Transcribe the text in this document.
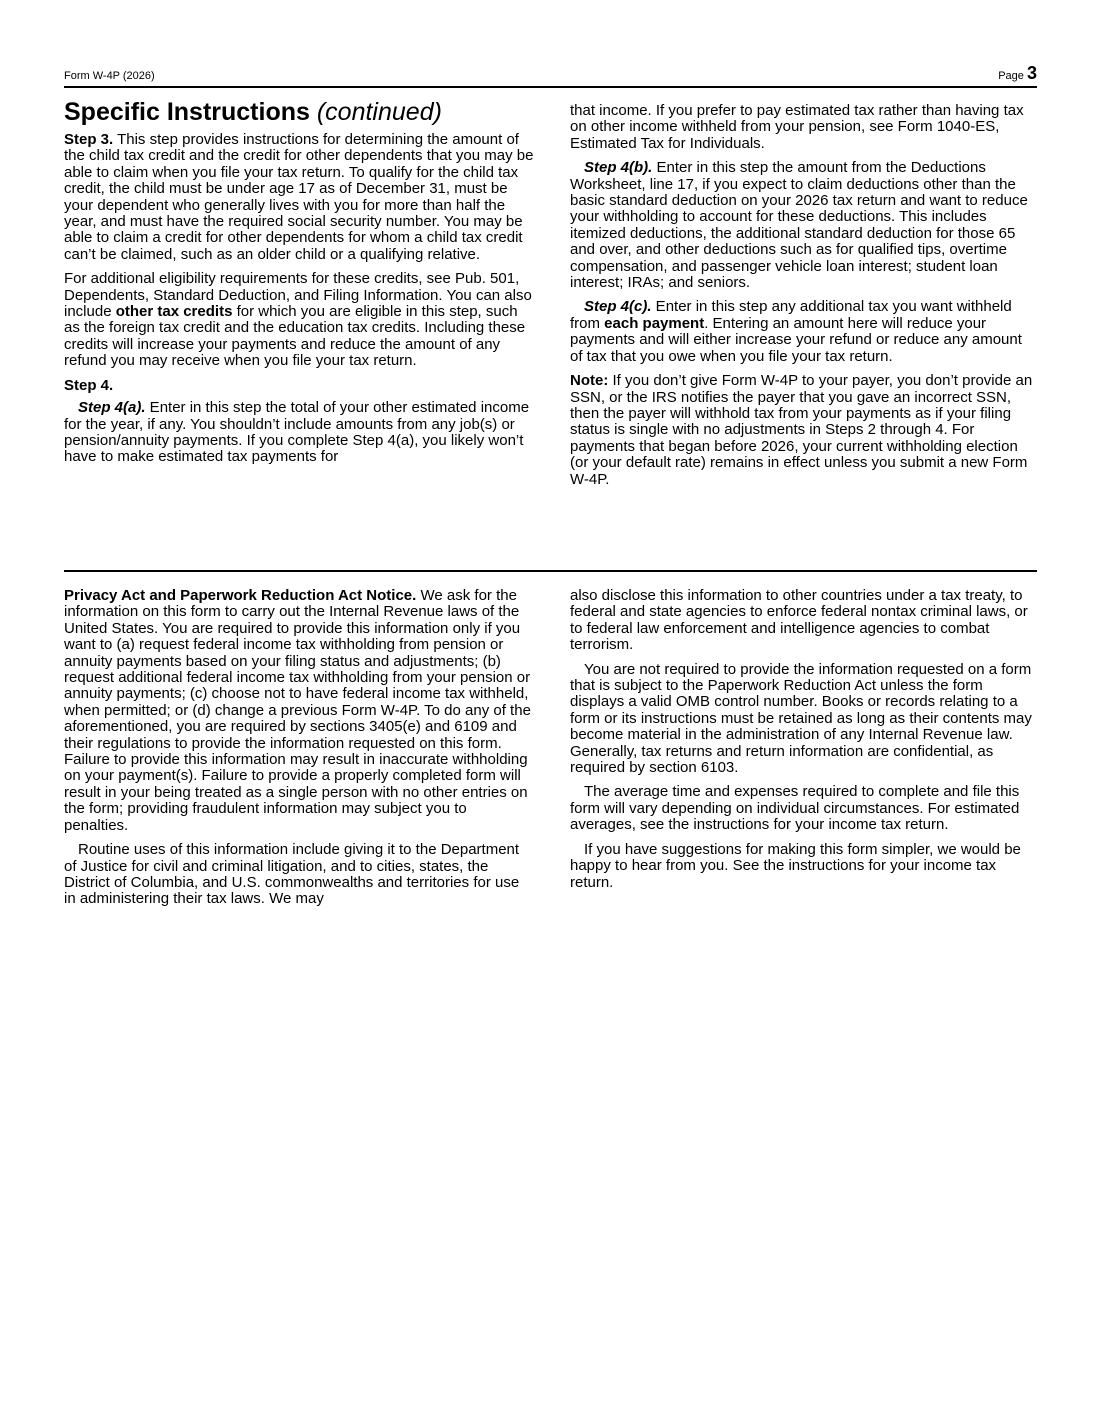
Form W-4P (2026)	Page 3
Specific Instructions (continued)

Step 3. This step provides instructions for determining the amount of the child tax credit and the credit for other dependents that you may be able to claim when you file your tax return. To qualify for the child tax credit, the child must be under age 17 as of December 31, must be your dependent who generally lives with you for more than half the year, and must have the required social security number. You may be able to claim a credit for other dependents for whom a child tax credit can’t be claimed, such as an older child or a qualifying relative.

For additional eligibility requirements for these credits, see Pub. 501, Dependents, Standard Deduction, and Filing Information. You can also include other tax credits for which you are eligible in this step, such as the foreign tax credit and the education tax credits. Including these credits will increase your payments and reduce the amount of any refund you may receive when you file your tax return.

Step 4.

Step 4(a). Enter in this step the total of your other estimated income for the year, if any. You shouldn’t include amounts from any job(s) or pension/annuity payments. If you complete Step 4(a), you likely won’t have to make estimated tax payments for

that income. If you prefer to pay estimated tax rather than having tax on other income withheld from your pension, see Form 1040-ES, Estimated Tax for Individuals.

Step 4(b). Enter in this step the amount from the Deductions Worksheet, line 17, if you expect to claim deductions other than the basic standard deduction on your 2026 tax return and want to reduce your withholding to account for these deductions. This includes itemized deductions, the additional standard deduction for those 65 and over, and other deductions such as for qualified tips, overtime compensation, and passenger vehicle loan interest; student loan interest; IRAs; and seniors.

Step 4(c). Enter in this step any additional tax you want withheld from each payment. Entering an amount here will reduce your payments and will either increase your refund or reduce any amount of tax that you owe when you file your tax return.

Note: If you don’t give Form W-4P to your payer, you don’t provide an SSN, or the IRS notifies the payer that you gave an incorrect SSN, then the payer will withhold tax from your payments as if your filing status is single with no adjustments in Steps 2 through 4. For payments that began before 2026, your current withholding election (or your default rate) remains in effect unless you submit a new Form W-4P.

Privacy Act and Paperwork Reduction Act Notice. We ask for the information on this form to carry out the Internal Revenue laws of the United States. You are required to provide this information only if you want to (a) request federal income tax withholding from pension or annuity payments based on your filing status and adjustments; (b) request additional federal income tax withholding from your pension or annuity payments; (c) choose not to have federal income tax withheld, when permitted; or (d) change a previous Form W-4P. To do any of the aforementioned, you are required by sections 3405(e) and 6109 and their regulations to provide the information requested on this form. Failure to provide this information may result in inaccurate withholding on your payment(s). Failure to provide a properly completed form will result in your being treated as a single person with no other entries on the form; providing fraudulent information may subject you to penalties.

Routine uses of this information include giving it to the Department of Justice for civil and criminal litigation, and to cities, states, the District of Columbia, and U.S. commonwealths and territories for use in administering their tax laws. We may

also disclose this information to other countries under a tax treaty, to federal and state agencies to enforce federal nontax criminal laws, or to federal law enforcement and intelligence agencies to combat terrorism.

You are not required to provide the information requested on a form that is subject to the Paperwork Reduction Act unless the form displays a valid OMB control number. Books or records relating to a form or its instructions must be retained as long as their contents may become material in the administration of any Internal Revenue law. Generally, tax returns and return information are confidential, as required by section 6103.

The average time and expenses required to complete and file this form will vary depending on individual circumstances. For estimated averages, see the instructions for your income tax return.

If you have suggestions for making this form simpler, we would be happy to hear from you. See the instructions for your income tax return.
